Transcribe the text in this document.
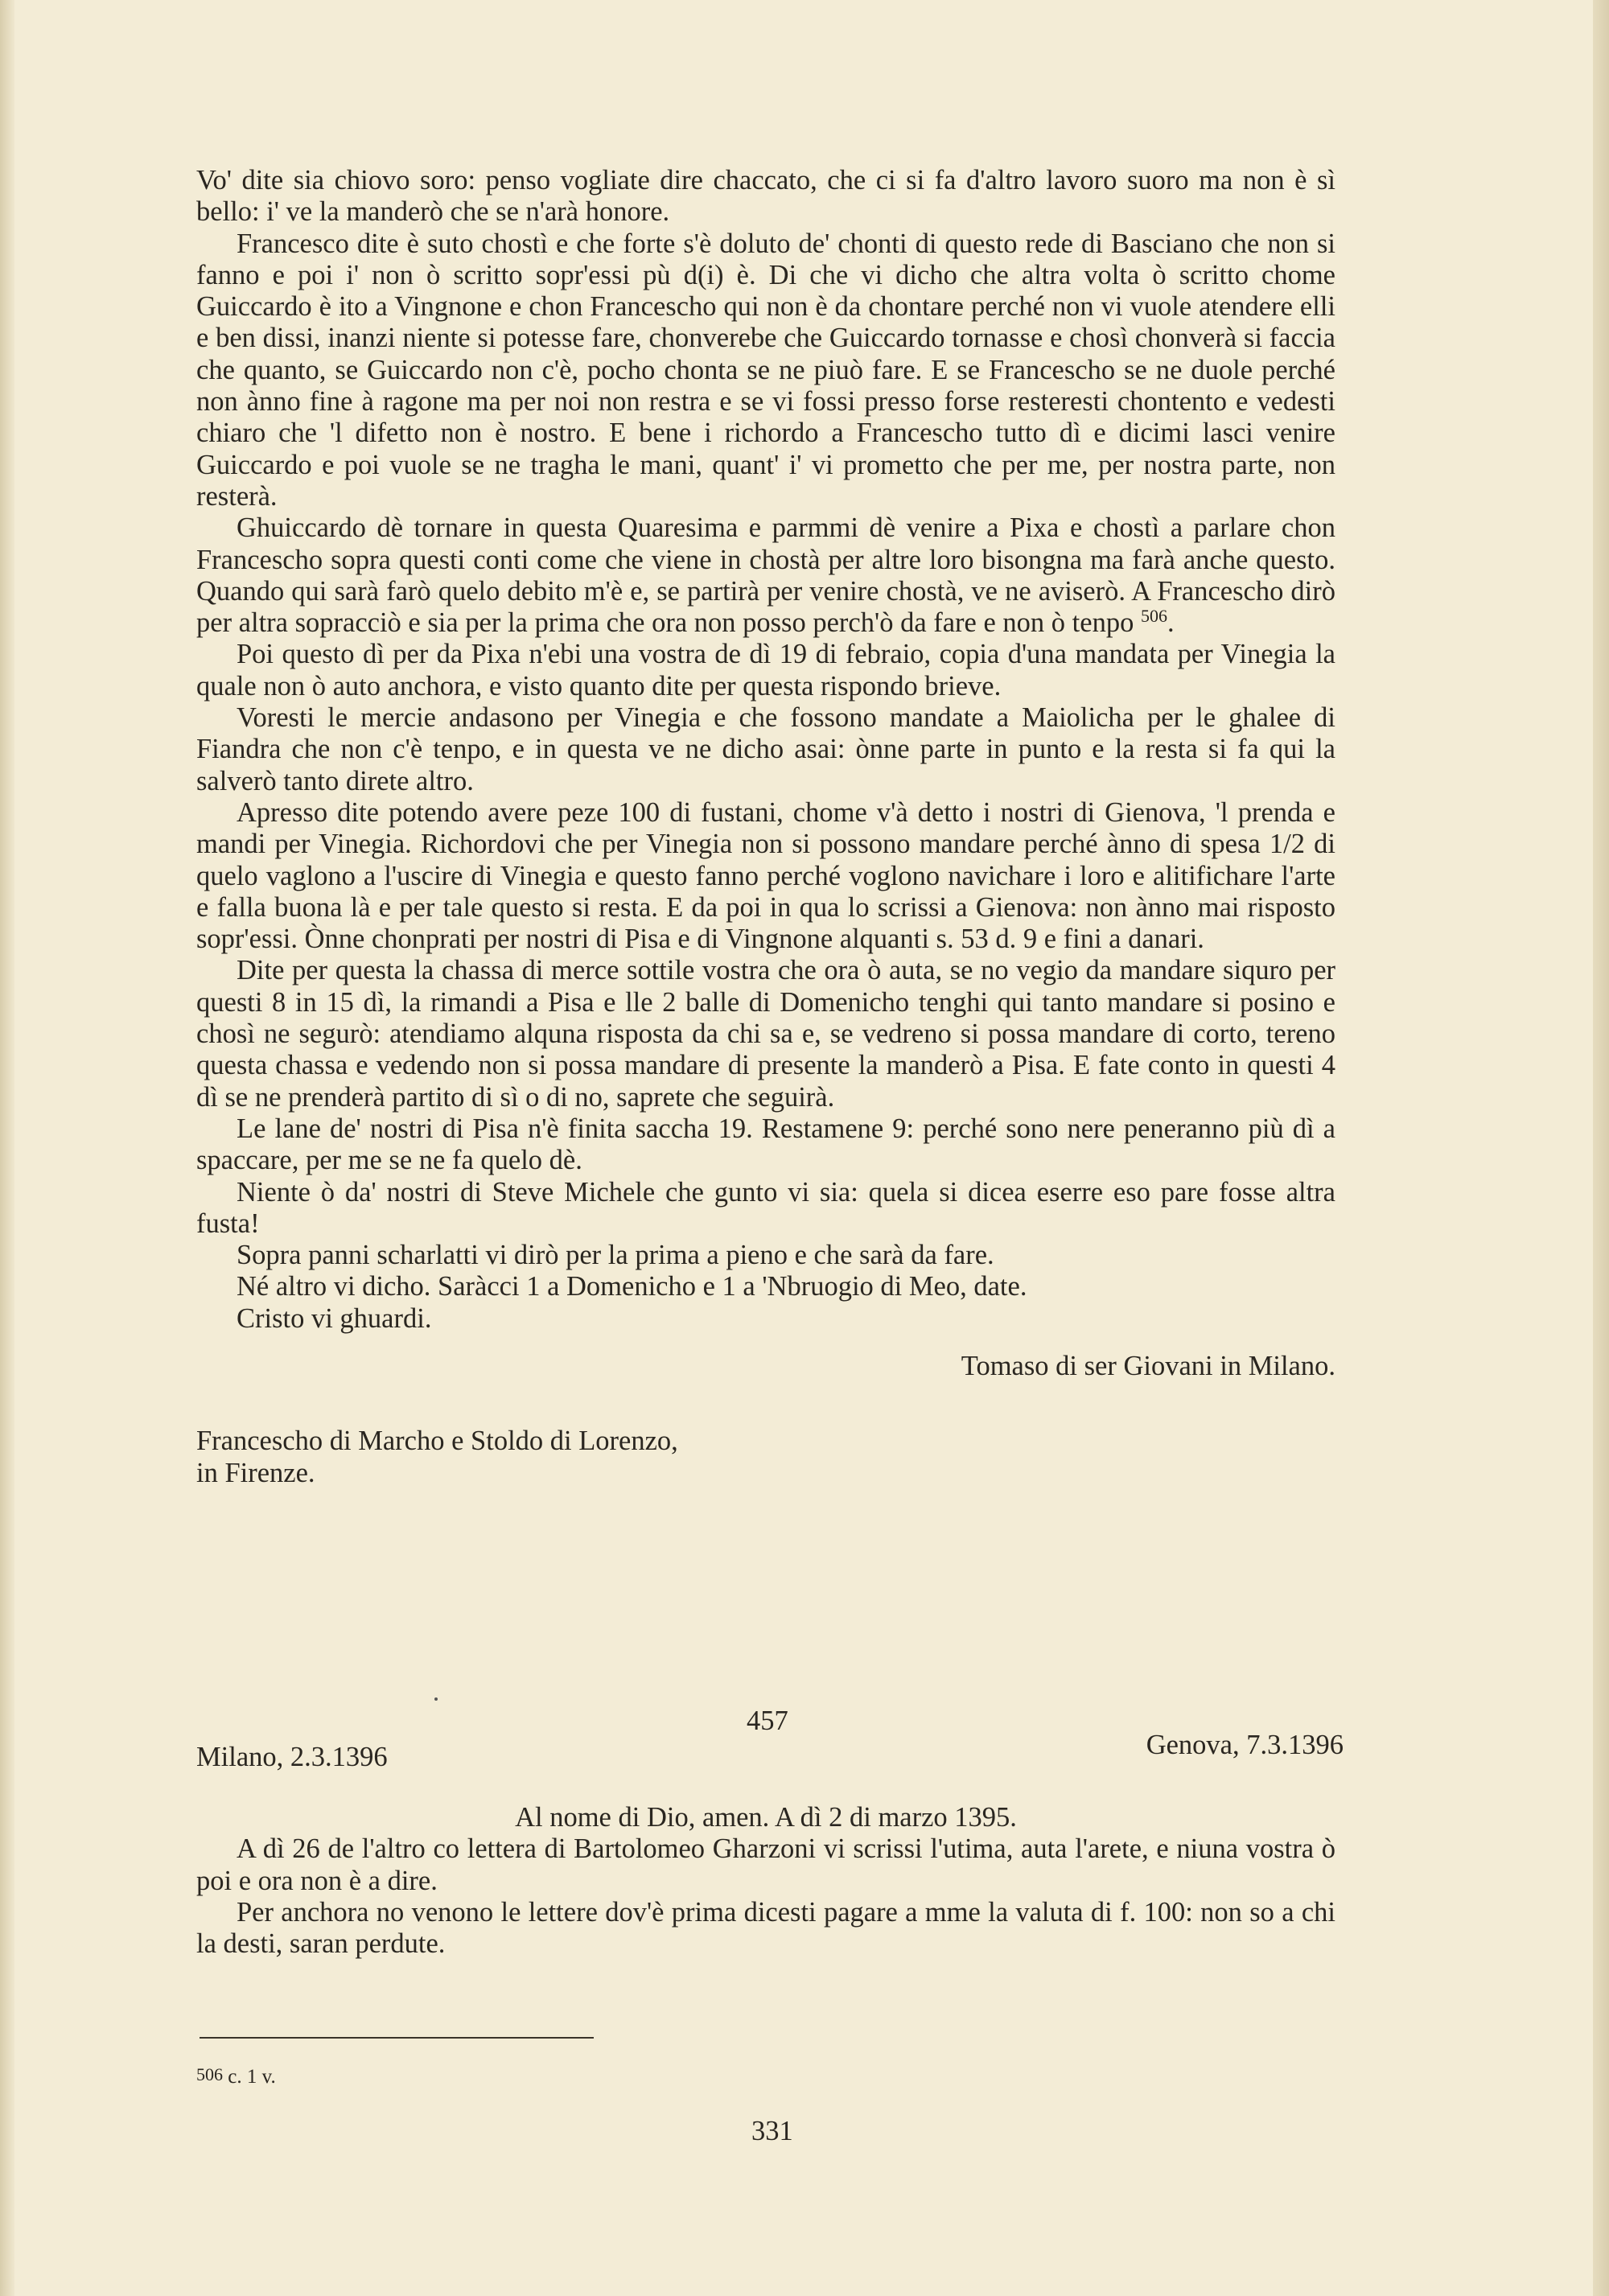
Vo' dite sia chiovo soro: penso vogliate dire chaccato, che ci si fa d'altro lavoro suoro ma non è sì bello: i' ve la manderò che se n'arà honore.

Francesco dite è suto chostì e che forte s'è doluto de' chonti di questo rede di Basciano che non si fanno e poi i' non ò scritto sopr'essi pù d(i) è. Di che vi dicho che altra volta ò scritto chome Guiccardo è ito a Vingnone e chon Franceschо qui non è da chontare perché non vi vuole atendere elli e ben dissi, inanzi niente si potesse fare, chonverebe che Guiccardo tornasse e chosì chonverà si faccia che quanto, se Guiccardo non c'è, pocho chonta se ne piuò fare. E se Francescho se ne duole perché non ànno fine à ragone ma per noi non restra e se vi fossi presso forse resteresti chontento e vedesti chiaro che 'l difetto non è nostro. E bene i richordo a Francescho tutto dì e dicimi lasci venire Guiccardo e poi vuole se ne tragha le mani, quant' i' vi prometto che per me, per nostra parte, non resterà.

Ghuiccardo dè tornare in questa Quaresima e parmmi dè venire a Pixa e chostì a parlare chon Francescho sopra questi conti come che viene in chostà per altre loro bisongna ma farà anche questo. Quando qui sarà farò quelo debito m'è e, se partirà per venire chostà, ve ne aviserò. A Francescho dirò per altra sopracciò e sia per la prima che ora non posso perch'ò da fare e non ò tenpo $^{506}$.

Poi questo dì per da Pixa n'ebi una vostra de dì 19 di febraio, copia d'una mandata per Vinegia la quale non ò auto anchora, e visto quanto dite per questa rispondo brieve.

Voresti le mercie andasono per Vinegia e che fossono mandate a Maiolicha per le ghalee di Fiandra che non c'è tenpo, e in questa ve ne dicho asai: ònne parte in punto e la resta si fa qui la salverò tanto direte altro.

Apresso dite potendo avere peze 100 di fustani, chome v'à detto i nostri di Gienova, 'l prenda e mandi per Vinegia. Richordovi che per Vinegia non si possono mandare perché ànno di spesa 1/2 di quelo vaglono a l'uscire di Vinegia e questo fanno perché voglono navichare i loro e alitifichare l'arte e falla buona là e per tale questo si resta. E da poi in qua lo scrissi a Gienova: non ànno mai risposto sopr'essi. Ònne chonprati per nostri di Pisa e di Vingnone alquanti s. 53 d. 9 e fini a danari.

Dite per questa la chassa di merce sottile vostra che ora ò auta, se no vegio da mandare siquro per questi 8 in 15 dì, la rimandi a Pisa e lle 2 balle di Domenicho tenghi qui tanto mandare si posino e chosì ne segurò: atendiamo alquna risposta da chi sa e, se vedreno si possa mandare di corto, tereno questa chassa e vedendo non si possa mandare di presente la manderò a Pisa. E fate conto in questi 4 dì se ne prenderà partito di sì o di no, saprete che seguirà.

Le lane de' nostri di Pisa n'è finita saccha 19. Restamene 9: perché sono nere peneranno più dì a spaccare, per me se ne fa quelo dè.

Niente ò da' nostri di Steve Michele che gunto vi sia: quela si dicea eserre eso pare fosse altra fusta!

Sopra panni scharlatti vi dirò per la prima a pieno e che sarà da fare.

Né altro vi dicho. Saràcci 1 a Domenicho e 1 a 'Nbruogio di Meo, date.

Cristo vi ghuardi.

Tomaso di ser Giovani in Milano.

Francescho di Marcho e Stoldo di Lorenzo,

in Firenze.

457
Milano, 2.3.1396	Genova, 7.3.1396

Al nome di Dio, amen. A dì 2 di marzo 1395.

A dì 26 de l'altro co lettera di Bartolomeo Gharzoni vi scrissi l'utima, auta l'arete, e niuna vostra ò poi e ora non è a dire.

Per anchora no venono le lettere dov'è prima dicesti pagare a mme la valuta di f. 100: non so a chi la desti, saran perdute.

$^{506}$ c. 1 v.
331
